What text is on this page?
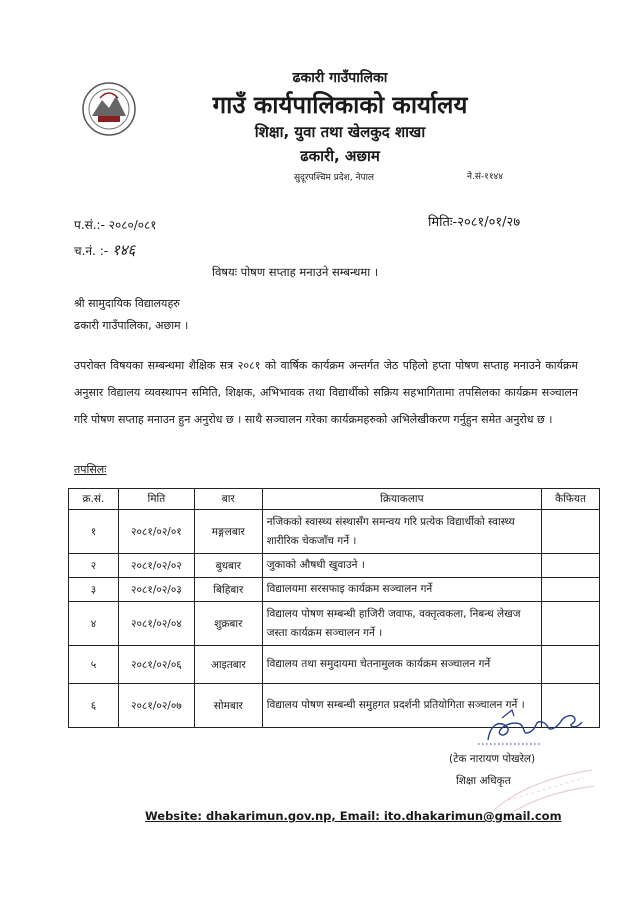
ढकारी गाउँपालिका
गाउँ कार्यपालिकाको कार्यालय
शिक्षा, युवा तथा खेलकुद शाखा
ढकारी, अछाम
सुदूरपश्चिम प्रदेश, नेपाल	ने.सं-११४४
प.सं.:- २०८०/०८१
च.नं. :- १४६
मितिः-२०८१/०१/२७
विषयः पोषण सप्ताह मनाउने सम्बन्धमा ।
श्री सामुदायिक विद्यालयहरु
ढकारी गाउँपालिका, अछाम ।
उपरोक्त विषयका सम्बन्धमा शैक्षिक सत्र २०८१ को वार्षिक कार्यक्रम अन्तर्गत जेठ पहिलो हप्ता पोषण सप्ताह मनाउने कार्यक्रम अनुसार विद्यालय व्यवस्थापन समिति, शिक्षक, अभिभावक तथा विद्यार्थीको सक्रिय सहभागितामा तपसिलका कार्यक्रम सञ्चालन गरि पोषण सप्ताह मनाउन हुन अनुरोध छ । साथै सञ्चालन गरेका कार्यक्रमहरुको अभिलेखीकरण गर्नुहुन समेत अनुरोध छ ।
तपसिलः
क्र.सं.	मिति	बार	क्रियाकलाप	कैफियत
१	२०८१/०२/०१	मङ्गलबार	नजिकको स्वास्थ्य संस्थासँग समन्वय गरि प्रत्येक विद्यार्थीको स्वास्थ्य शारीरिक चेकजाँच गर्ने ।	
२	२०८१/०२/०२	बुधबार	जुकाको औषधी खुवाउने ।	
३	२०८१/०२/०३	बिहिबार	विद्यालयमा सरसफाइ कार्यक्रम सञ्चालन गर्ने	
४	२०८१/०२/०४	शुक्रबार	विद्यालय पोषण सम्बन्धी हाजिरी जवाफ, वक्तृत्वकला, निबन्ध लेखज जस्ता कार्यक्रम सञ्चालन गर्ने ।	
५	२०८१/०२/०६	आइतबार	विद्यालय तथा समुदायमा चेतनामुलक कार्यक्रम सञ्चालन गर्ने	
६	२०८१/०२/०७	सोमबार	विद्यालय पोषण सम्बन्धी समुहगत प्रदर्शनी प्रतियोगिता सञ्चालन गर्ने ।	
(टेक नारायण पोखरेल)
शिक्षा अधिकृत
Website: dhakarimun.gov.np, Email: ito.dhakarimun@gmail.com
